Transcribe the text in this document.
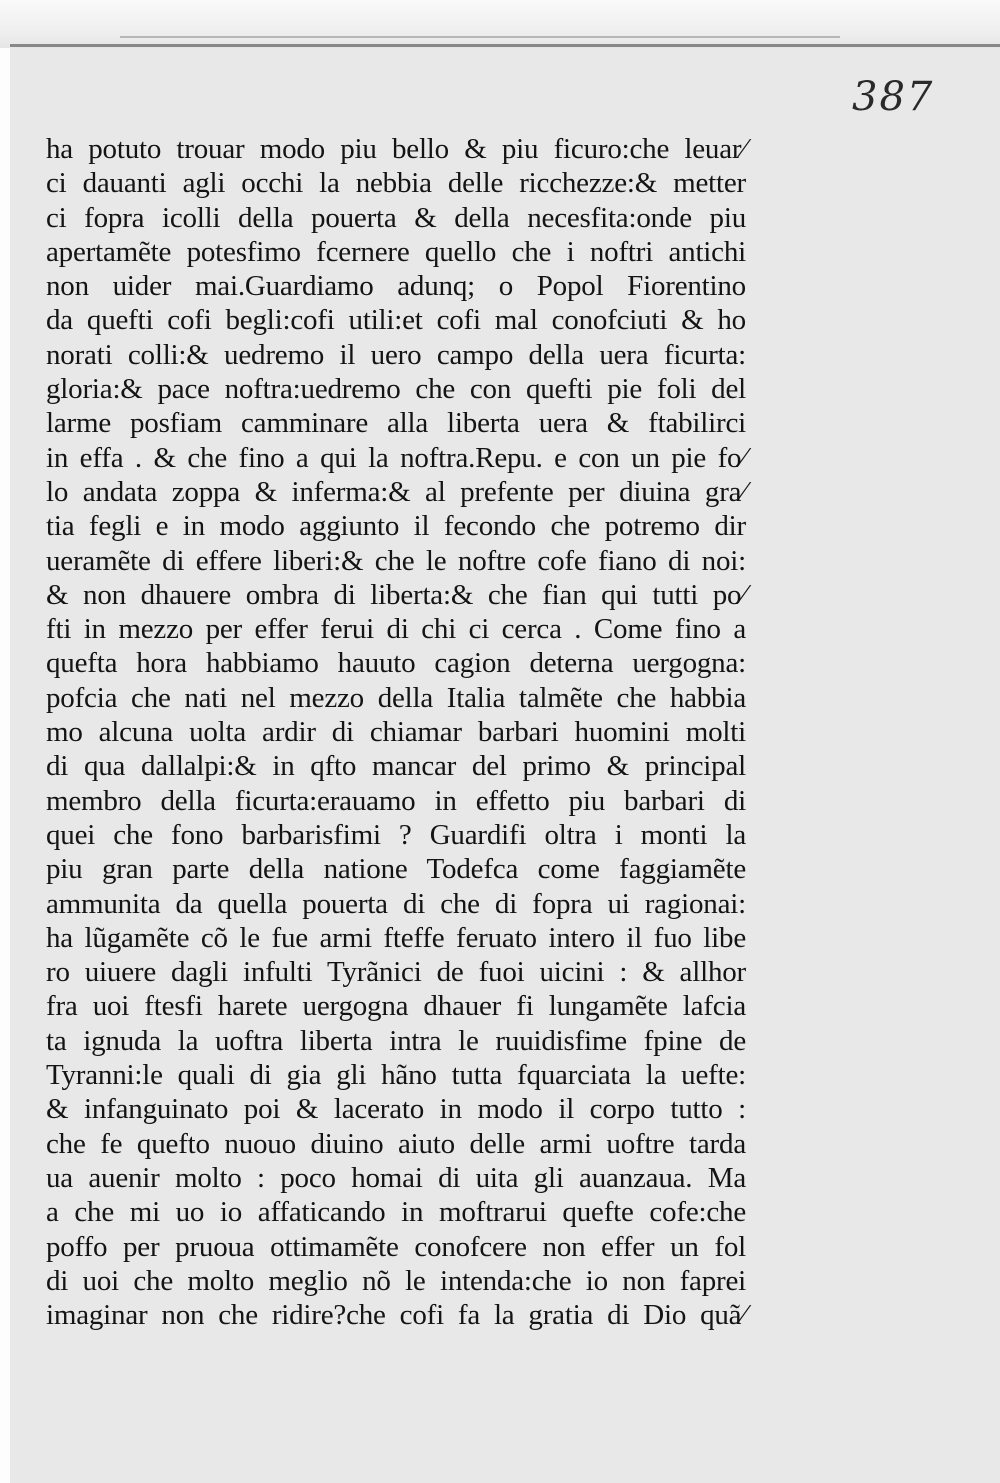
387
ha potuto trouar modo piu bello & piu ficuro:che leuar⁄
ci dauanti agli occhi la nebbia delle ricchezze:& metter
ci fopra icolli della pouerta & della necesfita:onde piu
apertamẽte potesfimo fcernere quello che i noftri antichi
non uider mai.Guardiamo adunq; o Popol Fiorentino
da quefti cofi begli:cofi utili:et cofi mal conofciuti & ho
norati colli:& uedremo il uero campo della uera ficurta:
gloria:& pace noftra:uedremo che con quefti pie foli del
larme posfiam camminare alla liberta uera & ftabilirci
in effa . & che fino a qui la noftra.Repu. e con un pie fo⁄
lo andata zoppa & inferma:& al prefente per diuina gra⁄
tia fegli e in modo aggiunto il fecondo che potremo dir
ueramẽte di effere liberi:& che le noftre cofe fiano di noi:
& non dhauere ombra di liberta:& che fian qui tutti po⁄
fti in mezzo per effer ferui di chi ci cerca . Come fino a
quefta hora habbiamo hauuto cagion deterna uergogna:
pofcia che nati nel mezzo della Italia talmẽte che habbia
mo alcuna uolta ardir di chiamar barbari huomini molti
di qua dallalpi:& in qfto mancar del primo & principal
membro della ficurta:erauamo in effetto piu barbari di
quei che fono barbarisfimi ? Guardifi oltra i monti la
piu gran parte della natione Todefca come faggiamẽte
ammunita da quella pouerta di che di fopra ui ragionai:
ha lũgamẽte cõ le fue armi fteffe feruato intero il fuo libe
ro uiuere dagli infulti Tyrãnici de fuoi uicini : & allhor
fra uoi ftesfi harete uergogna dhauer fi lungamẽte lafcia
ta ignuda la uoftra liberta intra le ruuidisfime fpine de
Tyranni:le quali di gia gli hãno tutta fquarciata la uefte:
& infanguinato poi & lacerato in modo il corpo tutto :
che fe quefto nuouo diuino aiuto delle armi uoftre tarda
ua auenir molto : poco homai di uita gli auanzaua. Ma
a che mi uo io affaticando in moftrarui quefte cofe:che
poffo per pruoua ottimamẽte conofcere non effer un fol
di uoi che molto meglio nõ le intenda:che io non faprei
imaginar non che ridire?che cofi fa la gratia di Dio quã⁄
